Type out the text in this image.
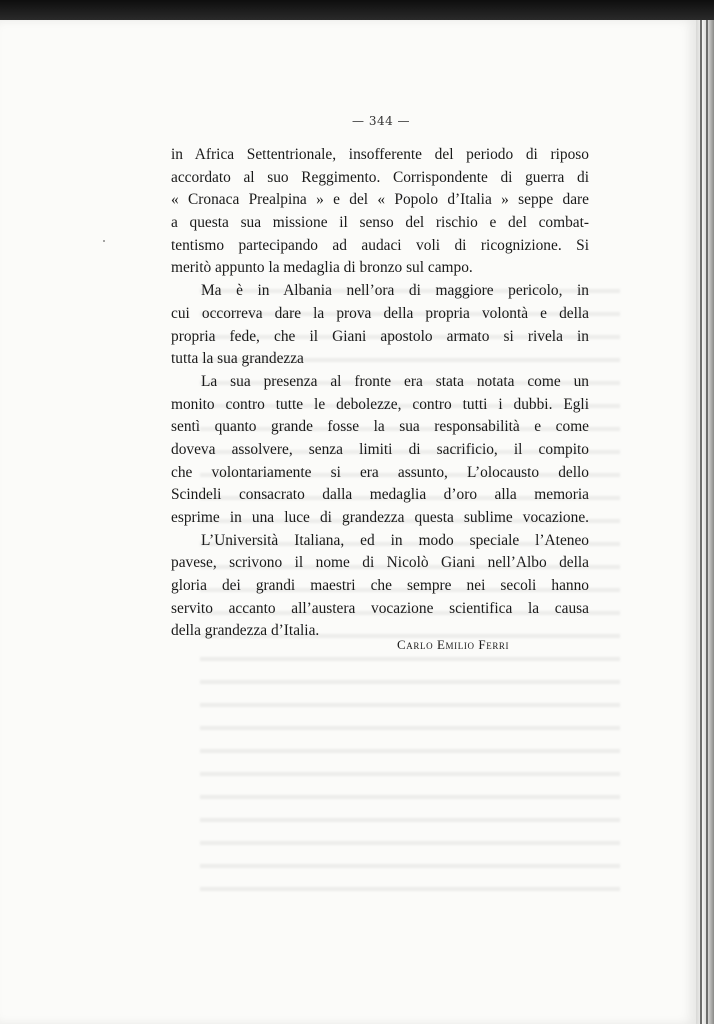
— 344 —
in Africa Settentrionale, insofferente del periodo di riposo
accordato al suo Reggimento. Corrispondente di guerra di
« Cronaca Prealpina » e del « Popolo d’Italia » seppe dare
a questa sua missione il senso del rischio e del combat-
tentismo partecipando ad audaci voli di ricognizione. Si
meritò appunto la medaglia di bronzo sul campo.
Ma è in Albania nell’ora di maggiore pericolo, in
cui occorreva dare la prova della propria volontà e della
propria fede, che il Giani apostolo armato si rivela in
tutta la sua grandezza
La sua presenza al fronte era stata notata come un
monito contro tutte le debolezze, contro tutti i dubbi. Egli
sentì quanto grande fosse la sua responsabilità e come
doveva assolvere, senza limiti di sacrificio, il compito
che volontariamente si era assunto, L’olocausto dello
Scindeli consacrato dalla medaglia d’oro alla memoria
esprime in una luce di grandezza questa sublime vocazione.
L’Università Italiana, ed in modo speciale l’Ateneo
pavese, scrivono il nome di Nicolò Giani nell’Albo della
gloria dei grandi maestri che sempre nei secoli hanno
servito accanto all’austera vocazione scientifica la causa
della grandezza d’Italia.
Carlo Emilio Ferri
